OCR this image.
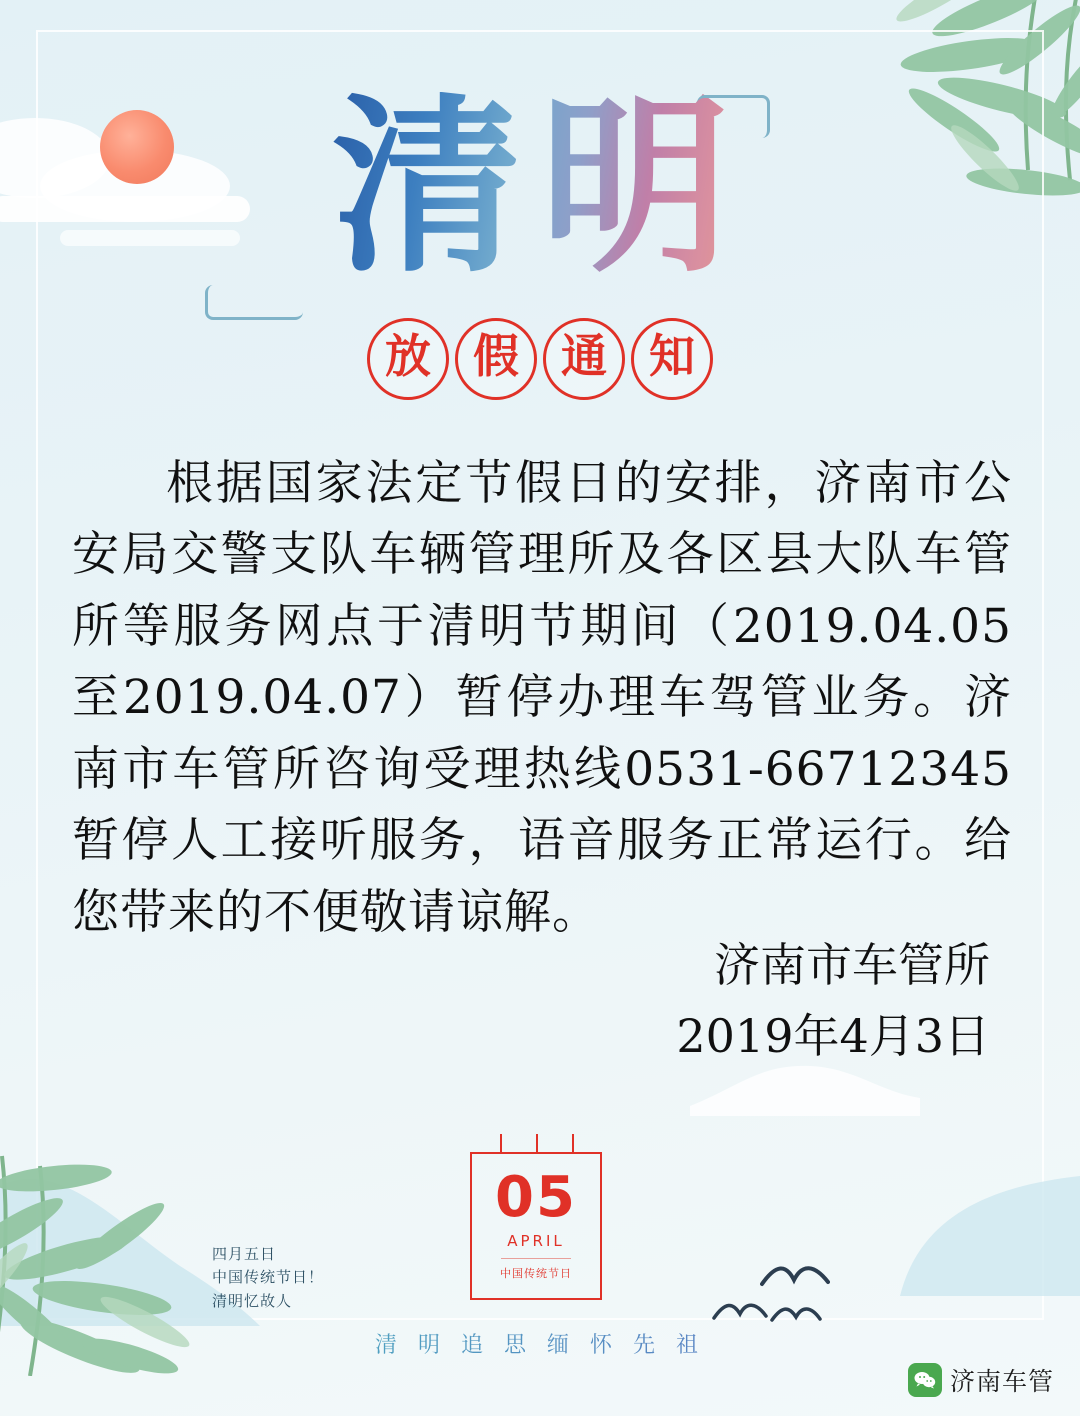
清明
放 假 通 知
根据国家法定节假日的安排，济南市公安局交警支队车辆管理所及各区县大队车管所等服务网点于清明节期间（2019.04.05至2019.04.07）暂停办理车驾管业务。济南市车管所咨询受理热线0531-66712345暂停人工接听服务，语音服务正常运行。给您带来的不便敬请谅解。
济南市车管所
2019年4月3日
四月五日
中国传统节日！
清明忆故人
05
APRIL
中国传统节日
清 明 追 思 缅 怀 先 祖
济南车管
